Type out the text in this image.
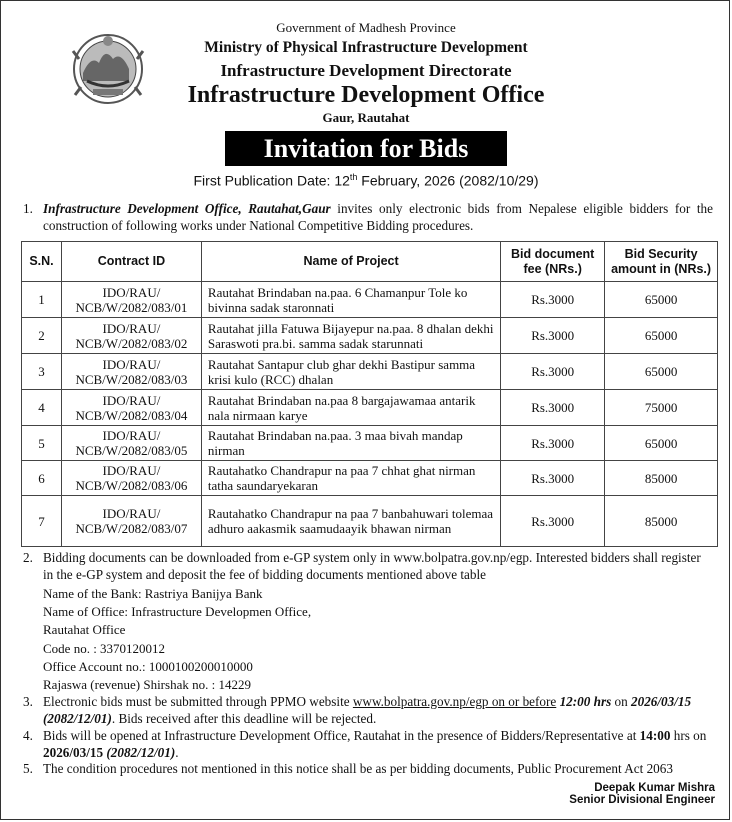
Government of Madhesh Province
Ministry of Physical Infrastructure Development
Infrastructure Development Directorate
Infrastructure Development Office
Gaur, Rautahat
Invitation for Bids
First Publication Date: 12th February, 2026 (2082/10/29)
1. Infrastructure Development Office, Rautahat,Gaur invites only electronic bids from Nepalese eligible bidders for the construction of following works under National Competitive Bidding procedures.
S.N.	Contract ID	Name of Project	Bid document fee (NRs.)	Bid Security amount in (NRs.)
1	IDO/RAU/
NCB/W/2082/083/01	Rautahat Brindaban na.paa. 6 Chamanpur Tole ko bivinna sadak staronnati	Rs.3000	65000
2	IDO/RAU/
NCB/W/2082/083/02	Rautahat jilla Fatuwa Bijayepur na.paa. 8 dhalan dekhi Saraswoti pra.bi. samma sadak starunnati	Rs.3000	65000
3	IDO/RAU/
NCB/W/2082/083/03	Rautahat Santapur club ghar dekhi Bastipur samma krisi kulo (RCC) dhalan	Rs.3000	65000
4	IDO/RAU/
NCB/W/2082/083/04	Rautahat Brindaban na.paa 8 bargajawamaa antarik nala nirmaan karye	Rs.3000	75000
5	IDO/RAU/
NCB/W/2082/083/05	Rautahat Brindaban na.paa. 3 maa bivah mandap nirman	Rs.3000	65000
6	IDO/RAU/
NCB/W/2082/083/06	Rautahatko Chandrapur na paa 7 chhat ghat nirman tatha saundaryekaran	Rs.3000	85000
7	IDO/RAU/
NCB/W/2082/083/07	Rautahatko Chandrapur na paa 7 banbahuwari tolemaa adhuro aakasmik saamudaayik bhawan nirman	Rs.3000	85000
2. Bidding documents can be downloaded from e-GP system only in www.bolpatra.gov.np/egp. Interested bidders shall register in the e-GP system and deposit the fee of bidding documents mentioned above table
Name of the Bank: Rastriya Banijya Bank
Name of Office: Infrastructure Developmen Office,
Rautahat Office
Code no. : 3370120012
Office Account no.: 1000100200010000
Rajaswa (revenue) Shirshak no. : 14229
3. Electronic bids must be submitted through PPMO website www.bolpatra.gov.np/egp on or before 12:00 hrs on 2026/03/15 (2082/12/01). Bids received after this deadline will be rejected.
4. Bids will be opened at Infrastructure Development Office, Rautahat in the presence of Bidders/Representative at 14:00 hrs on 2026/03/15 (2082/12/01).
5. The condition procedures not mentioned in this notice shall be as per bidding documents, Public Procurement Act 2063
Deepak Kumar Mishra
Senior Divisional Engineer
